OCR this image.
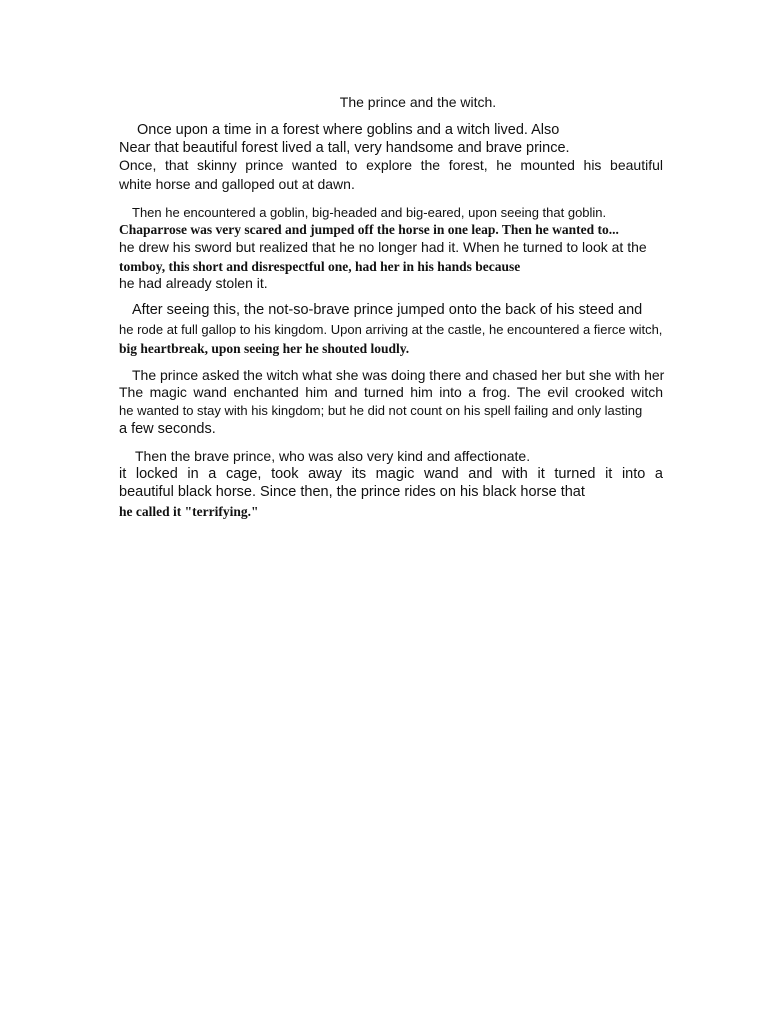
The prince and the witch.
Once upon a time in a forest where goblins and a witch lived. Also
Near that beautiful forest lived a tall, very handsome and brave prince.
Once, that skinny prince wanted to explore the forest, he mounted his beautiful
white horse and galloped out at dawn.
Then he encountered a goblin, big-headed and big-eared, upon seeing that goblin.
Chaparrose was very scared and jumped off the horse in one leap. Then he wanted to...
he drew his sword but realized that he no longer had it. When he turned to look at the
tomboy, this short and disrespectful one, had her in his hands because
he had already stolen it.
After seeing this, the not-so-brave prince jumped onto the back of his steed and
he rode at full gallop to his kingdom. Upon arriving at the castle, he encountered a fierce witch,
big heartbreak, upon seeing her he shouted loudly.
The prince asked the witch what she was doing there and chased her but she with her
The magic wand enchanted him and turned him into a frog. The evil crooked witch
he wanted to stay with his kingdom; but he did not count on his spell failing and only lasting
a few seconds.
Then the brave prince, who was also very kind and affectionate.
it locked in a cage, took away its magic wand and with it turned it into a
beautiful black horse. Since then, the prince rides on his black horse that
he called it "terrifying."
